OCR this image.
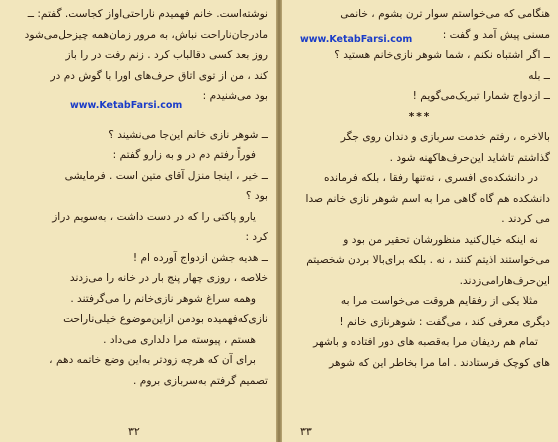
نوشته‌است. خانم فهمیدم ناراحتی‌اواز کجاست. گفتم: ــ
مادرجان‌ناراحت نباش، به مرور زمان‌همه چیز‌حل‌می‌شود
روز بعد کسی دقالباب کرد . زنم رفت در را باز
کند ، من از توی اتاق حرف‌های اورا با گوش دم در
بود می‌شنیدم :
ــ شوهر نازی خانم این‌جا می‌نشیند ؟
فوراً رفتم دم در و به زارو گفتم :
ــ خیر ، اینجا منزل آقای متین است . فرمایشی
بود ؟
یارو پاکتی را که در دست داشت ، به‌سویم دراز
کرد :
ــ هدیه جشن ازدواج آورده ام !
خلاصه ، روزی چهار پنج بار در خانه را می‌زدند
وهمه سراغ شوهر نازی‌خانم را می‌گرفتند .
نازی‌که‌فهمیده بودمن ازاین‌موضوع خیلی‌ناراحت
هستم ، پیوسته مرا دلداری می‌داد .
برای آن که هرچه زودتر به‌این وضع خاتمه دهم ،
تصمیم گرفتم به‌سربازی بروم .
www.KetabFarsi.com
۳۲
هنگامی که می‌خواستم سوار ترن بشوم ، خانمی
مسنی پیش آمد و گفت :
ــ اگر اشتباه نکنم ، شما شوهر نازی‌خانم هستید ؟
ــ بله
ــ ازدواج شمارا تبریک‌می‌گویم !
***
بالاخره ، رفتم خدمت سربازی و دندان روی جگر
گذاشتم تاشاید این‌حرف‌ها‌کهنه شود .
در دانشکده‌ی افسری ، نه‌تنها رفقا ، بلکه فرمانده
دانشکده هم گاه گاهی مرا به اسم شوهر نازی خانم صدا
می کردند .
نه اینکه خیال‌کنید منظورشان تحقیر من بود و
می‌خواستند اذیتم کنند ، نه . بلکه برای‌بالا بردن شخصیتم
این‌حرف‌هارا‌می‌زدند.
مثلا یکی از رفقایم هروقت می‌خواست مرا به
دیگری معرفی کند ، می‌گفت : شوهرنازی خانم !
تمام هم ردیفان مرا به‌قصبه های دور افتاده و باشهر
های کوچک فرستادند . اما مرا بخاطر این که شوهر
www.KetabFarsi.com
۳۳
